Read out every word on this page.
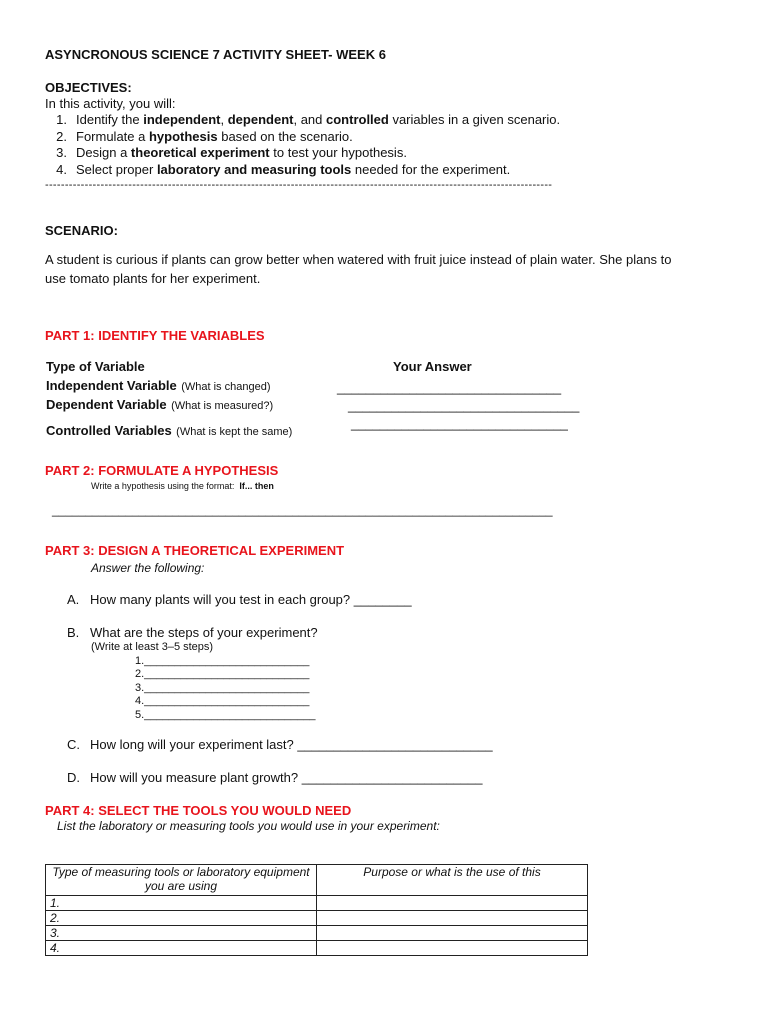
ASYNCRONOUS SCIENCE 7 ACTIVITY SHEET- WEEK 6
OBJECTIVES:
In this activity, you will:
1. Identify the independent, dependent, and controlled variables in a given scenario.
2. Formulate a hypothesis based on the scenario.
3. Design a theoretical experiment to test your hypothesis.
4. Select proper laboratory and measuring tools needed for the experiment.
--------------------------------------------------------------------------------------------------------------------------------
SCENARIO:
A student is curious if plants can grow better when watered with fruit juice instead of plain water. She plans to
use tomato plants for her experiment.
PART 1: IDENTIFY THE VARIABLES
Type of Variable	Your Answer
Independent Variable (What is changed)	_______________________________
Dependent Variable (What is measured?)	________________________________
Controlled Variables (What is kept the same)
______________________________
PART 2: FORMULATE A HYPOTHESIS
Write a hypothesis using the format: If... then
___________________________________________________________________________
PART 3: DESIGN A THEORETICAL EXPERIMENT
Answer the following:
A. How many plants will you test in each group? ________
B. What are the steps of your experiment?
(Write at least 3–5 steps)
1.___________________________
2.___________________________
3.___________________________
4.___________________________
5.____________________________
C. How long will your experiment last? ___________________________
D. How will you measure plant growth? _________________________
PART 4: SELECT THE TOOLS YOU WOULD NEED
List the laboratory or measuring tools you would use in your experiment:
Type of measuring tools or laboratory equipment you are using	Purpose or what is the use of this
1.	
2.	
3.	
4.	
